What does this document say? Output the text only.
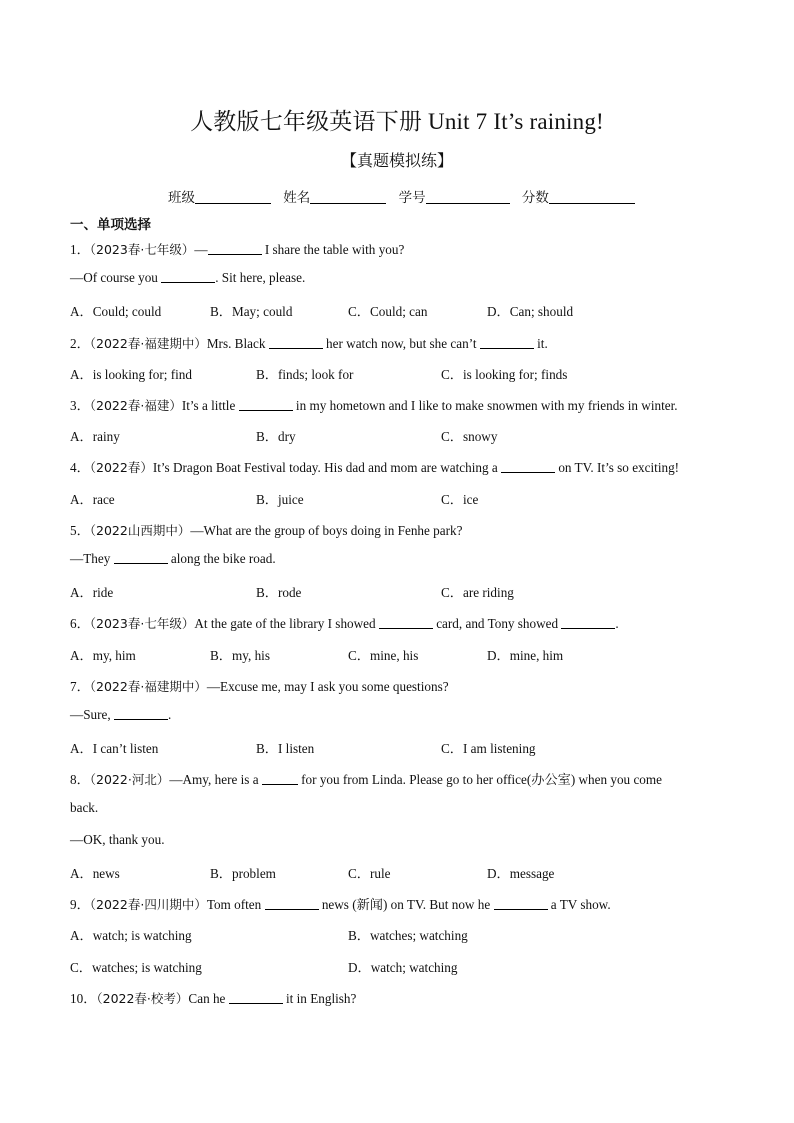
人教版七年级英语下册 Unit 7 It’s raining!
【真题模拟练】
班级	姓名	学号	分数
一、单项选择
1．（2023春·七年级）—	I share the table with you?
—Of course you	. Sit here, please.
A．Could; could	B．May; could	C．Could; can	D．Can; should
2．（2022春·福建期中）Mrs. Black	her watch now, but she can’t	it.
A．is looking for; find	B．finds; look for	C．is looking for; finds
3．（2022春·福建）It’s a little	in my hometown and I like to make snowmen with my friends in winter.
A．rainy	B．dry	C．snowy
4．（2022春）It’s Dragon Boat Festival today. His dad and mom are watching a	on TV. It’s so exciting!
A．race	B．juice	C．ice
5．（2022山西期中）—What are the group of boys doing in Fenhe park?
—They	along the bike road.
A．ride	B．rode	C．are riding
6．（2023春·七年级）At the gate of the library I showed	card, and Tony showed	.
A．my, him	B．my, his	C．mine, his	D．mine, him
7．（2022春·福建期中）—Excuse me, may I ask you some questions?
—Sure,	.
A．I can’t listen	B．I listen	C．I am listening
8．（2022·河北）—Amy, here is a	for you from Linda. Please go to her office(办公室) when you come
back.
—OK, thank you.
A．news	B．problem	C．rule	D．message
9．（2022春·四川期中）Tom often	news (新闻) on TV. But now he	a TV show.
A．watch; is watching	B．watches; watching
C．watches; is watching	D．watch; watching
10．（2022春·校考）Can he	it in English?
